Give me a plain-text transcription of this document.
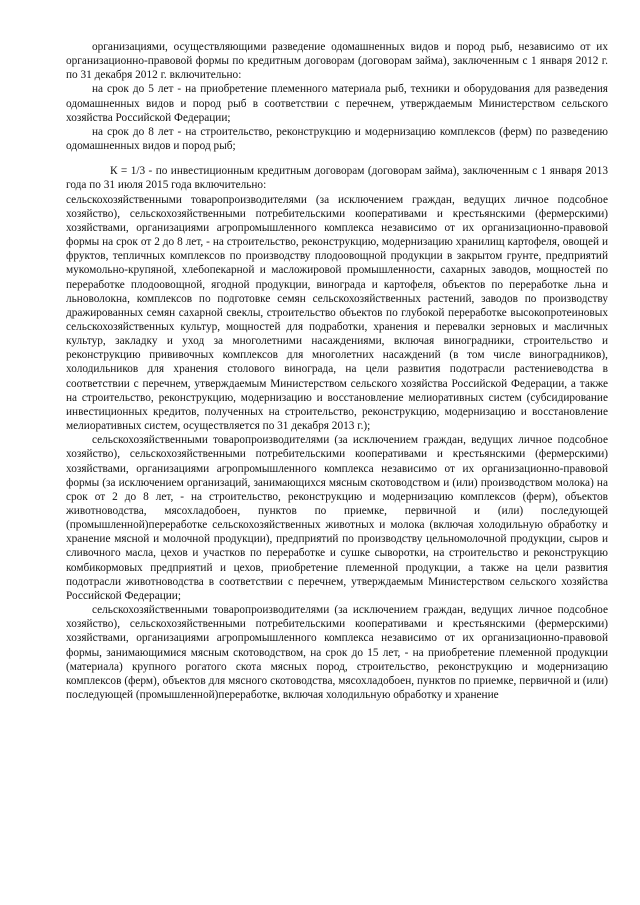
организациями, осуществляющими разведение одомашненных видов и пород рыб, независимо от их организационно-правовой формы по кредитным договорам (договорам займа), заключенным с 1 января 2012 г. по 31 декабря 2012 г. включительно:

на срок до 5 лет - на приобретение племенного материала рыб, техники и оборудования для разведения одомашненных видов и пород рыб в соответствии с перечнем, утверждаемым Министерством сельского хозяйства Российской Федерации;

на срок до 8 лет - на строительство, реконструкцию и модернизацию комплексов (ферм) по разведению одомашненных видов и пород рыб;

К = 1/3 - по инвестиционным кредитным договорам (договорам займа), заключенным с 1 января 2013 года по 31 июля 2015 года включительно:

сельскохозяйственными товаропроизводителями (за исключением граждан, ведущих личное подсобное хозяйство), сельскохозяйственными потребительскими кооперативами и крестьянскими (фермерскими) хозяйствами, организациями агропромышленного комплекса независимо от их организационно-правовой формы на срок от 2 до 8 лет, - на строительство, реконструкцию, модернизацию хранилищ картофеля, овощей и фруктов, тепличных комплексов по производству плодоовощной продукции в закрытом грунте, предприятий мукомольно-крупяной, хлебопекарной и масложировой промышленности, сахарных заводов, мощностей по переработке плодоовощной, ягодной продукции, винограда и картофеля, объектов по переработке льна и льноволокна, комплексов по подготовке семян сельскохозяйственных растений, заводов по производству дражированных семян сахарной свеклы, строительство объектов по глубокой переработке высокопротеиновых сельскохозяйственных культур, мощностей для подработки, хранения и перевалки зерновых и масличных культур, закладку и уход за многолетними насаждениями, включая виноградники, строительство и реконструкцию прививочных комплексов для многолетних насаждений (в том числе виноградников), холодильников для хранения столового винограда, на цели развития подотрасли растениеводства в соответствии с перечнем, утверждаемым Министерством сельского хозяйства Российской Федерации, а также на строительство, реконструкцию, модернизацию и восстановление мелиоративных систем (субсидирование инвестиционных кредитов, полученных на строительство, реконструкцию, модернизацию и восстановление мелиоративных систем, осуществляется по 31 декабря 2013 г.);

сельскохозяйственными товаропроизводителями (за исключением граждан, ведущих личное подсобное хозяйство), сельскохозяйственными потребительскими кооперативами и крестьянскими (фермерскими) хозяйствами, организациями агропромышленного комплекса независимо от их организационно-правовой формы (за исключением организаций, занимающихся мясным скотоводством и (или) производством молока) на срок от 2 до 8 лет, - на строительство, реконструкцию и модернизацию комплексов (ферм), объектов животноводства, мясохладобоен, пунктов по приемке, первичной и (или) последующей (промышленной)переработке сельскохозяйственных животных и молока (включая холодильную обработку и хранение мясной и молочной продукции), предприятий по производству цельномолочной продукции, сыров и сливочного масла, цехов и участков по переработке и сушке сыворотки, на строительство и реконструкцию комбикормовых предприятий и цехов, приобретение племенной продукции, а также на цели развития подотрасли животноводства в соответствии с перечнем, утверждаемым Министерством сельского хозяйства Российской Федерации;

сельскохозяйственными товаропроизводителями (за исключением граждан, ведущих личное подсобное хозяйство), сельскохозяйственными потребительскими кооперативами и крестьянскими (фермерскими) хозяйствами, организациями агропромышленного комплекса независимо от их организационно-правовой формы, занимающимися мясным скотоводством, на срок до 15 лет, - на приобретение племенной продукции (материала) крупного рогатого скота мясных пород, строительство, реконструкцию и модернизацию комплексов (ферм), объектов для мясного скотоводства, мясохладобоен, пунктов по приемке, первичной и (или) последующей (промышленной)переработке, включая холодильную обработку и хранение
